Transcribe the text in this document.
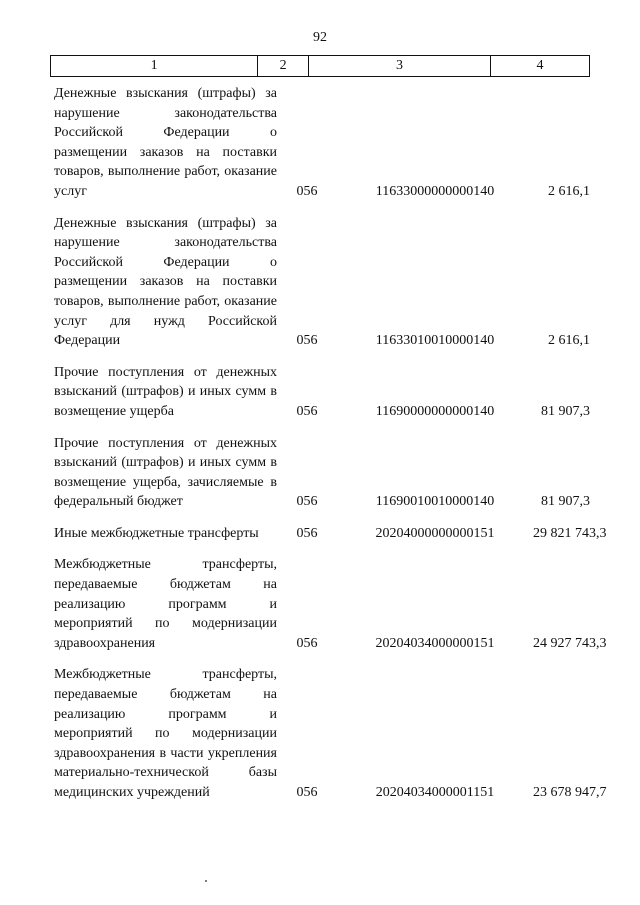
92
1	2	3	4
Денежные взыскания (штрафы) за нарушение законодательства Российской Федерации о размещении заказов на поставки товаров, выполнение работ, оказание услуг	056	11633000000000140	2 616,1
Денежные взыскания (штрафы) за нарушение законодательства Российской Федерации о размещении заказов на поставки товаров, выполнение работ, оказание услуг для нужд Российской Федерации	056	11633010010000140	2 616,1
Прочие поступления от денежных взысканий (штрафов) и иных сумм в возмещение ущерба	056	11690000000000140	81 907,3
Прочие поступления от денежных взысканий (штрафов) и иных сумм в возмещение ущерба, зачисляемые в федеральный бюджет	056	11690010010000140	81 907,3
Иные межбюджетные трансферты	056	20204000000000151	29 821 743,3
Межбюджетные трансферты, передаваемые бюджетам на реализацию программ и мероприятий по модернизации здравоохранения	056	20204034000000151	24 927 743,3
Межбюджетные трансферты, передаваемые бюджетам на реализацию программ и мероприятий по модернизации здравоохранения в части укрепления материально-технической базы медицинских учреждений	056	20204034000001151	23 678 947,7
